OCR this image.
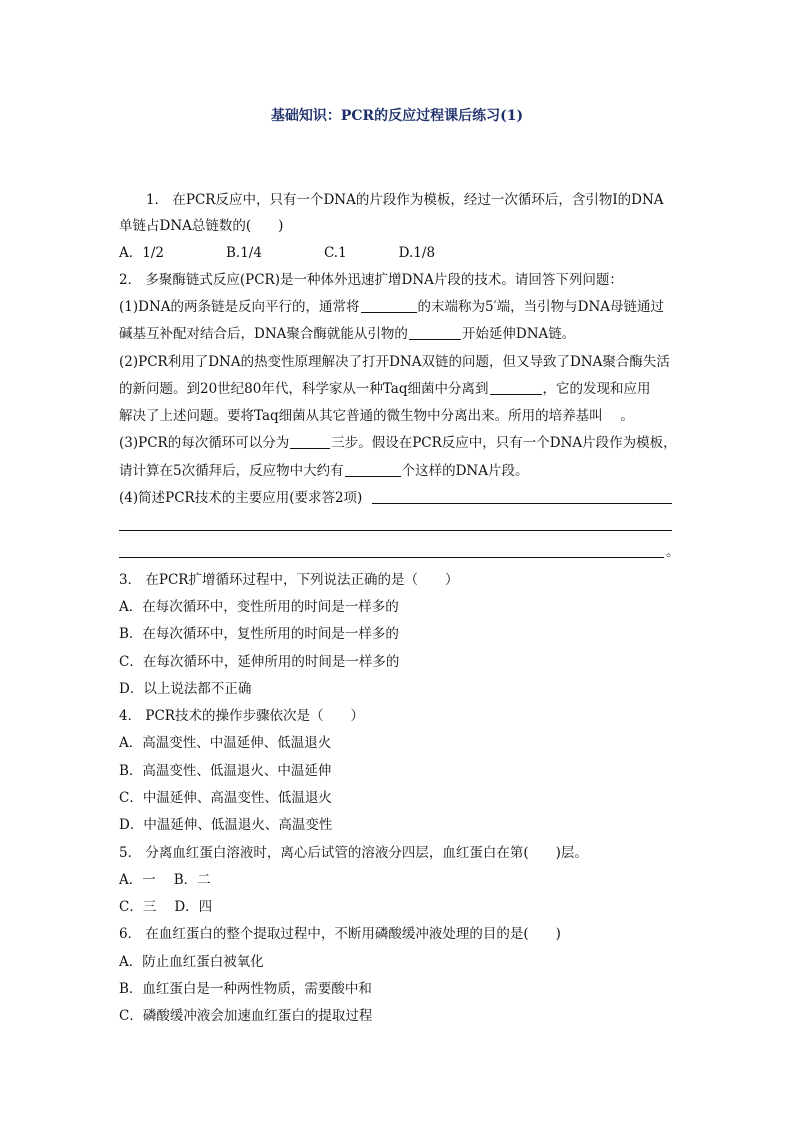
基础知识：PCR的反应过程课后练习(1)
1． 在PCR反应中，只有一个DNA的片段作为模板，经过一次循环后，含引物Ⅰ的DNA
单链占DNA总链数的(　　)
A．1/2	B.1/4	C.1	D.1/8
2． 多聚酶链式反应(PCR)是一种体外迅速扩增DNA片段的技术。请回答下列问题：
(1)DNA的两条链是反向平行的，通常将	的末端称为5′端，当引物与DNA母链通过
碱基互补配对结合后，DNA聚合酶就能从引物的	开始延伸DNA链。
(2)PCR利用了DNA的热变性原理解决了打开DNA双链的问题，但又导致了DNA聚合酶失活
的新问题。到20世纪80年代，科学家从一种Taq细菌中分离到	，它的发现和应用
解决了上述问题。要将Taq细菌从其它普通的微生物中分离出来。所用的培养基叫　 。
(3)PCR的每次循环可以分为	三步。假设在PCR反应中，只有一个DNA片段作为模板，
请计算在5次循拜后，反应物中大约有	个这样的DNA片段。
(4)简述PCR技术的主要应用(要求答2项)
。
3． 在PCR扩增循环过程中，下列说法正确的是（　　）
A．在每次循环中，变性所用的时间是一样多的
B．在每次循环中，复性所用的时间是一样多的
C．在每次循环中，延伸所用的时间是一样多的
D．以上说法都不正确
4． PCR技术的操作步骤依次是（　　）
A．高温变性、中温延伸、低温退火
B．高温变性、低温退火、中温延伸
C．中温延伸、高温变性、低温退火
D．中温延伸、低温退火、高温变性
5． 分离血红蛋白溶液时，离心后试管的溶液分四层，血红蛋白在第(　　)层。
A．一 B．二
C．三 D．四
6． 在血红蛋白的整个提取过程中，不断用磷酸缓冲液处理的目的是(　　)
A．防止血红蛋白被氧化
B．血红蛋白是一种两性物质，需要酸中和
C．磷酸缓冲液会加速血红蛋白的提取过程
